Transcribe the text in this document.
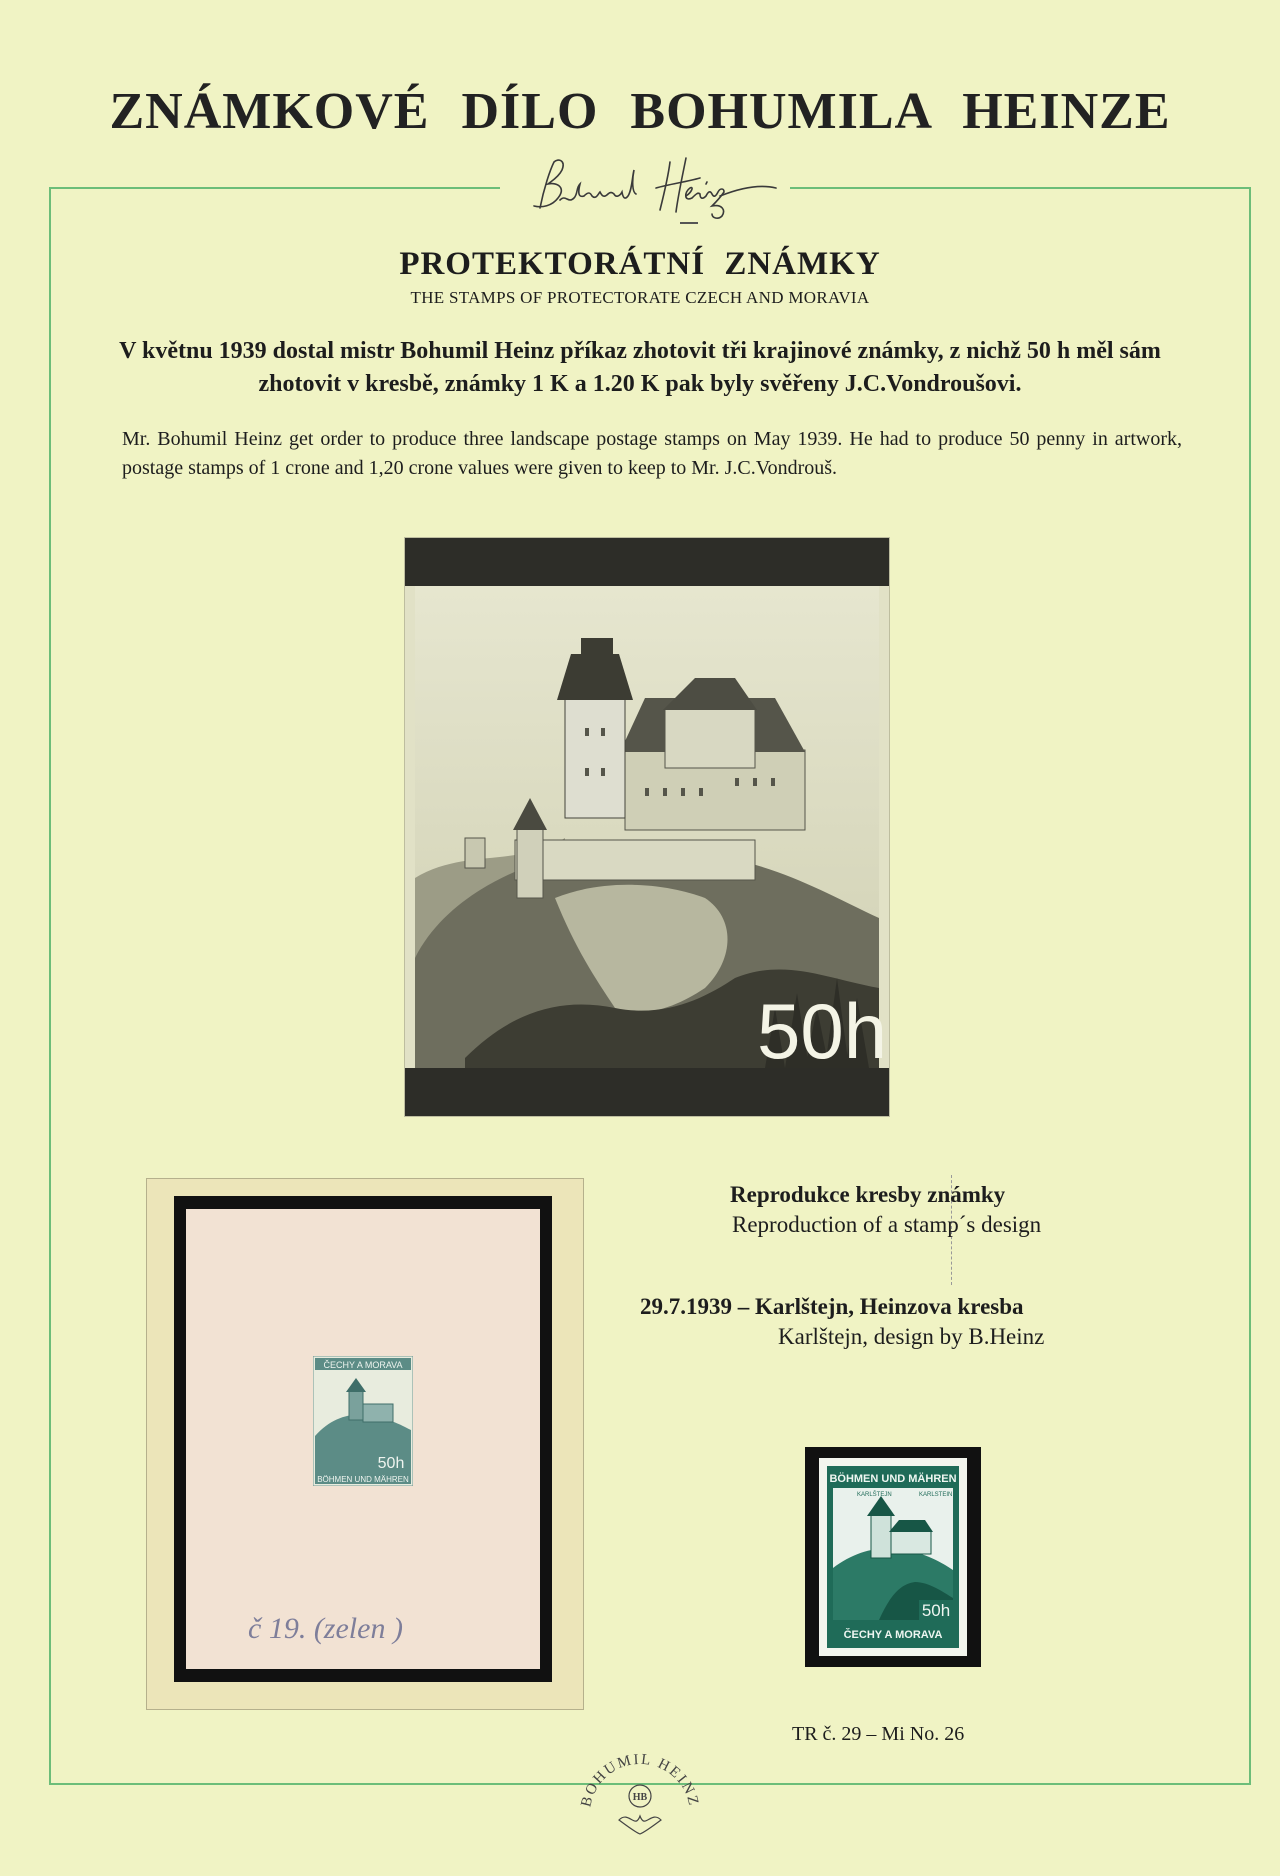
ZNÁMKOVÉ DÍLO BOHUMILA HEINZE
PROTEKTORÁTNÍ ZNÁMKY
THE STAMPS OF PROTECTORATE CZECH AND MORAVIA
V květnu 1939 dostal mistr Bohumil Heinz příkaz zhotovit tři krajinové známky, z nichž 50 h měl sám zhotovit v kresbě, známky 1 K a 1.20 K pak byly svěřeny J.C.Vondroušovi.
Mr. Bohumil Heinz get order to produce three landscape postage stamps on May 1939. He had to produce 50 penny in artwork, postage stamps of 1 crone and 1,20 crone values were given to keep to Mr. J.C.Vondrouš.
50h
ČECHY A MORAVA
BÖHMEN UND MÄHREN
50h
č 19. (zelen )
Reprodukce kresby známky
Reproduction of a stamp´s design
29.7.1939 – Karlštejn, Heinzova kresba
Karlštejn, design by B.Heinz
BÖHMEN UND MÄHREN
KARLŠTEJN	KARLSTEIN
50h
ČECHY A MORAVA
TR č. 29 – Mi No. 26
BOHUMIL HEINZ
HB
